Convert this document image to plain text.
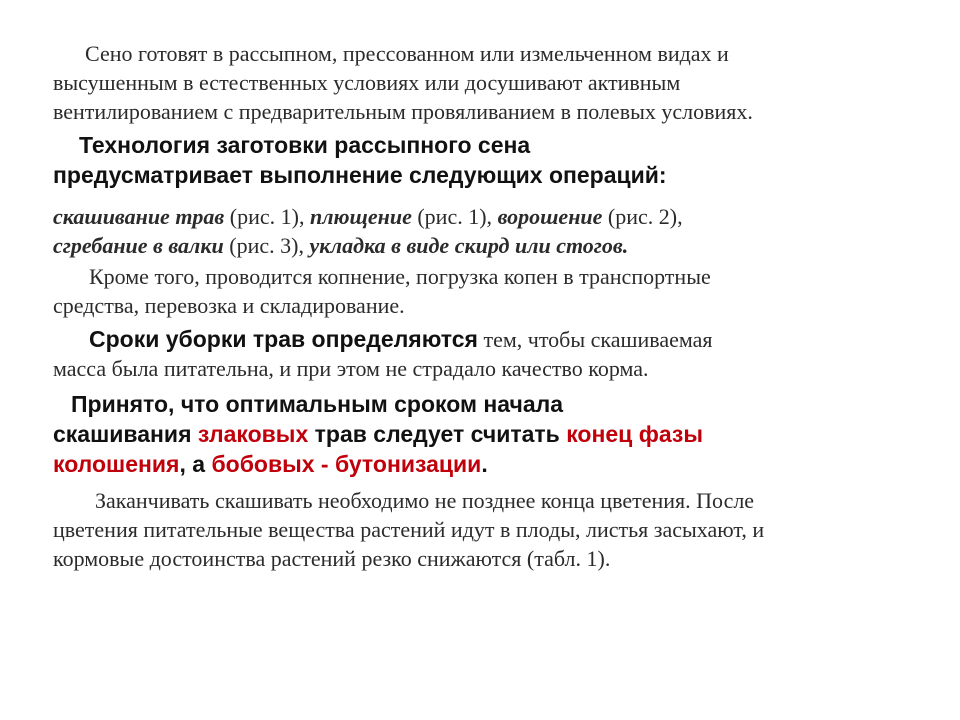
Сено готовят в рассыпном, прессованном или измельченном видах и
высушенным в естественных условиях или досушивают активным
вентилированием с предварительным провяливанием в полевых условиях.

Технология заготовки рассыпного сена
предусматривает выполнение следующих операций:

скашивание трав (рис. 1), плющение (рис. 1), ворошение (рис. 2),
сгребание в валки (рис. 3), укладка в виде скирд или стогов.

Кроме того, проводится копнение, погрузка копен в транспортные
средства, перевозка и складирование.

Сроки уборки трав определяются тем, чтобы скашиваемая
масса была питательна, и при этом не страдало качество корма.

Принято, что оптимальным сроком начала
скашивания злаковых трав следует считать конец фазы
колошения, а бобовых - бутонизации.

Заканчивать скашивать необходимо не позднее конца цветения. После
цветения питательные вещества растений идут в плоды, листья засыхают, и
кормовые достоинства растений резко снижаются (табл. 1).
